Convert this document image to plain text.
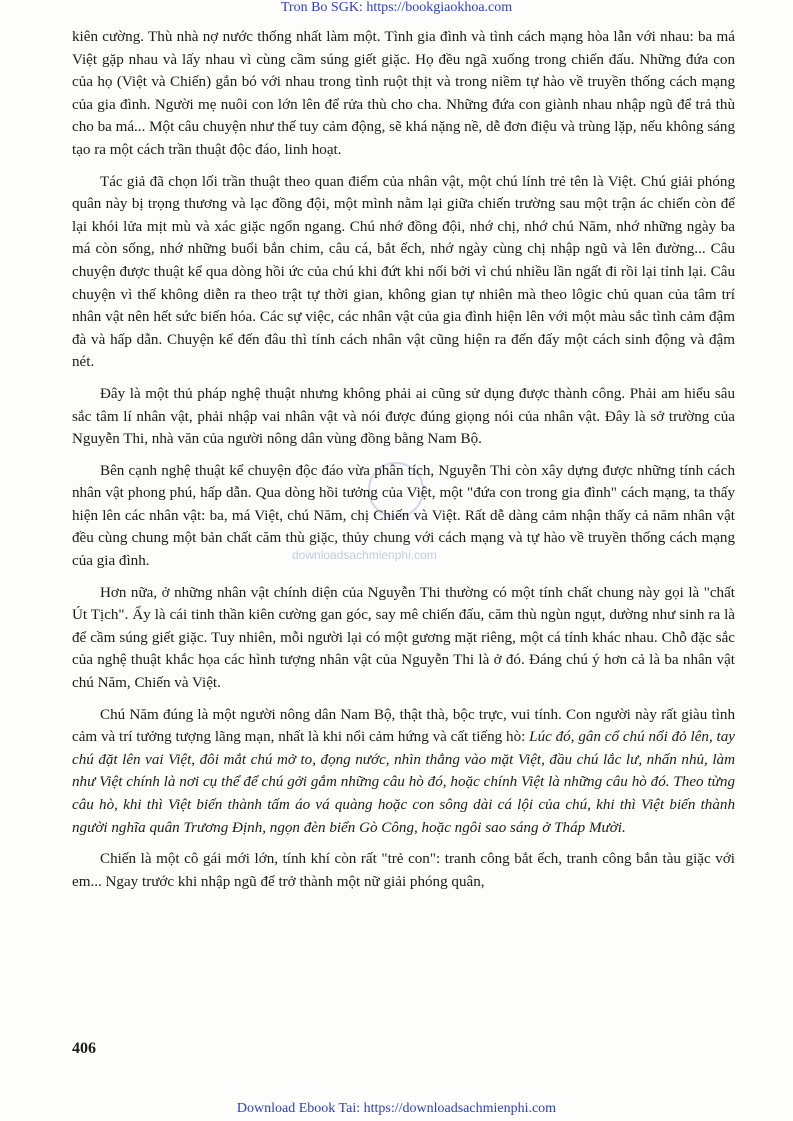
Tron Bo SGK: https://bookgiaokhoa.com
downloadsachmienphi.com

kiên cường. Thù nhà nợ nước thống nhất làm một. Tình gia đình và tình cách mạng hòa lẫn với nhau: ba má Việt gặp nhau và lấy nhau vì cùng cầm súng giết giặc. Họ đều ngã xuống trong chiến đấu. Những đứa con của họ (Việt và Chiến) gắn bó với nhau trong tình ruột thịt và trong niềm tự hào về truyền thống cách mạng của gia đình. Người mẹ nuôi con lớn lên để rửa thù cho cha. Những đứa con giành nhau nhập ngũ để trả thù cho ba má... Một câu chuyện như thế tuy cảm động, sẽ khá nặng nề, dễ đơn điệu và trùng lặp, nếu không sáng tạo ra một cách trần thuật độc đáo, linh hoạt.

Tác giả đã chọn lối trần thuật theo quan điểm của nhân vật, một chú lính trẻ tên là Việt. Chú giải phóng quân này bị trọng thương và lạc đồng đội, một mình nằm lại giữa chiến trường sau một trận ác chiến còn để lại khói lửa mịt mù và xác giặc ngổn ngang. Chú nhớ đồng đội, nhớ chị, nhớ chú Năm, nhớ những ngày ba má còn sống, nhớ những buổi bắn chim, câu cá, bắt ếch, nhớ ngày cùng chị nhập ngũ và lên đường... Câu chuyện được thuật kể qua dòng hồi ức của chú khi đứt khi nối bởi vì chú nhiều lần ngất đi rồi lại tỉnh lại. Câu chuyện vì thế không diễn ra theo trật tự thời gian, không gian tự nhiên mà theo lôgic chủ quan của tâm trí nhân vật nên hết sức biến hóa. Các sự việc, các nhân vật của gia đình hiện lên với một màu sắc tình cảm đậm đà và hấp dẫn. Chuyện kể đến đâu thì tính cách nhân vật cũng hiện ra đến đấy một cách sinh động và đậm nét.

Đây là một thủ pháp nghệ thuật nhưng không phải ai cũng sử dụng được thành công. Phải am hiểu sâu sắc tâm lí nhân vật, phải nhập vai nhân vật và nói được đúng giọng nói của nhân vật. Đây là sở trường của Nguyễn Thi, nhà văn của người nông dân vùng đồng bằng Nam Bộ.

Bên cạnh nghệ thuật kể chuyện độc đáo vừa phân tích, Nguyễn Thi còn xây dựng được những tính cách nhân vật phong phú, hấp dẫn. Qua dòng hồi tưởng của Việt, một "đứa con trong gia đình" cách mạng, ta thấy hiện lên các nhân vật: ba, má Việt, chú Năm, chị Chiến và Việt. Rất dễ dàng cảm nhận thấy cả năm nhân vật đều cùng chung một bản chất căm thù giặc, thủy chung với cách mạng và tự hào về truyền thống cách mạng của gia đình.

Hơn nữa, ở những nhân vật chính diện của Nguyễn Thi thường có một tính chất chung này gọi là "chất Út Tịch". Ấy là cái tinh thần kiên cường gan góc, say mê chiến đấu, căm thù ngùn ngụt, dường như sinh ra là để cầm súng giết giặc. Tuy nhiên, mỗi người lại có một gương mặt riêng, một cá tính khác nhau. Chỗ đặc sắc của nghệ thuật khắc họa các hình tượng nhân vật của Nguyễn Thi là ở đó. Đáng chú ý hơn cả là ba nhân vật chú Năm, Chiến và Việt.

Chú Năm đúng là một người nông dân Nam Bộ, thật thà, bộc trực, vui tính. Con người này rất giàu tình cảm và trí tưởng tượng lãng mạn, nhất là khi nổi cảm hứng và cất tiếng hò: Lúc đó, gân cổ chú nổi đỏ lên, tay chú đặt lên vai Việt, đôi mắt chú mở to, đọng nước, nhìn thẳng vào mặt Việt, đầu chú lắc lư, nhấn nhủ, làm như Việt chính là nơi cụ thể để chú gởi gắm những câu hò đó, hoặc chính Việt là những câu hò đó. Theo từng câu hò, khi thì Việt biến thành tấm áo vá quàng hoặc con sông dài cá lội của chú, khi thì Việt biến thành người nghĩa quân Trương Định, ngọn đèn biển Gò Công, hoặc ngôi sao sáng ở Tháp Mười.

Chiến là một cô gái mới lớn, tính khí còn rất "trẻ con": tranh công bắt ếch, tranh công bắn tàu giặc với em... Ngay trước khi nhập ngũ để trở thành một nữ giải phóng quân,

406
Download Ebook Tai: https://downloadsachmienphi.com
